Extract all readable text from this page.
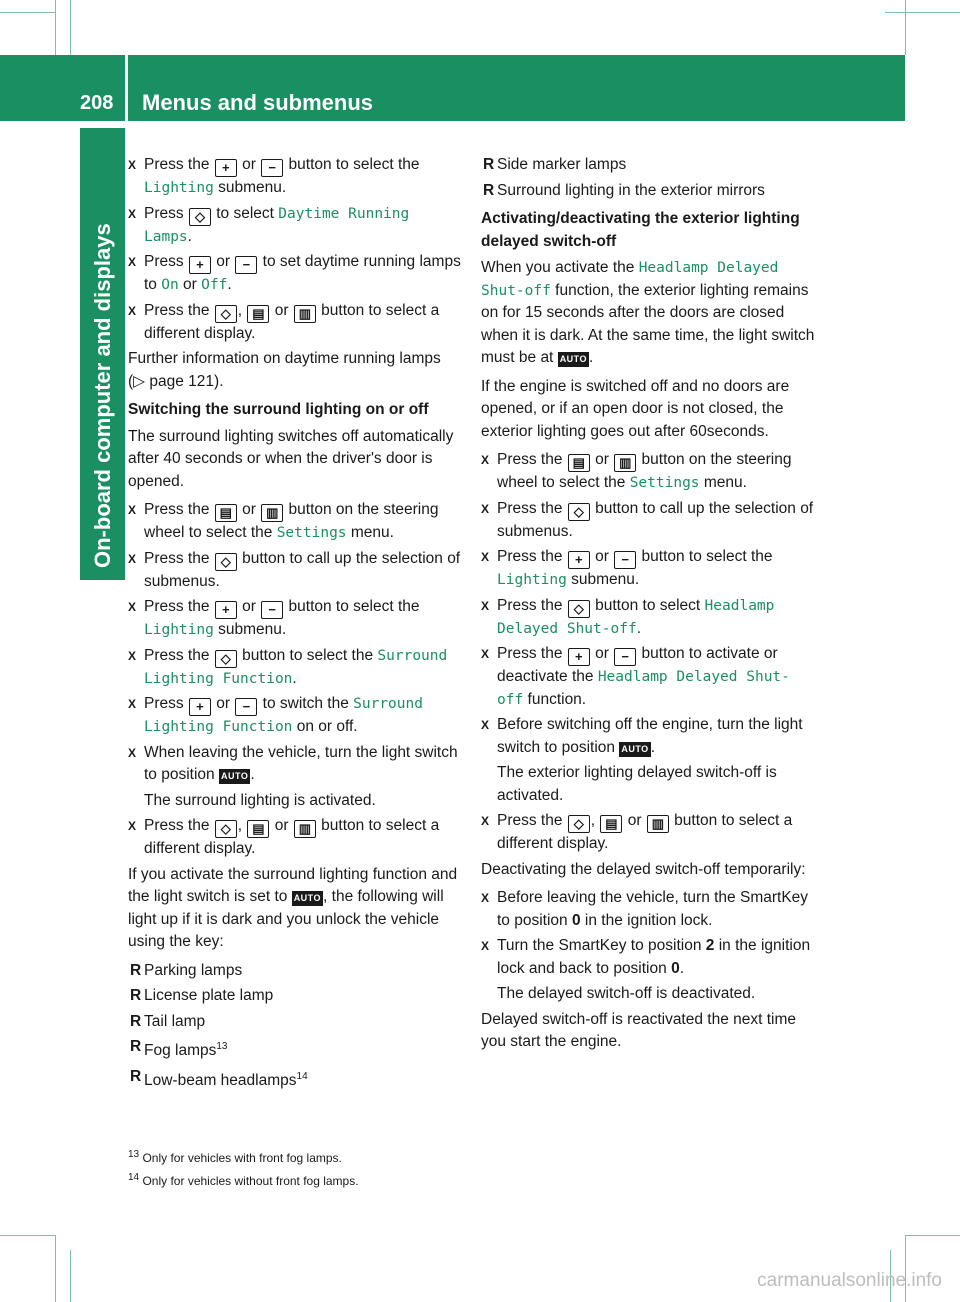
208 Menus and submenus
On-board computer and displays
X Press the + or − button to select the Lighting submenu.
X Press ◇ to select Daytime Running Lamps.
X Press + or − to set daytime running lamps to On or Off.
X Press the ◇ , ▤ or ▥ button to select a different display.
Further information on daytime running lamps (▷ page 121).
Switching the surround lighting on or off
The surround lighting switches off automatically after 40 seconds or when the driver's door is opened.
X Press the ▤ or ▥ button on the steering wheel to select the Settings menu.
X Press the ◇ button to call up the selection of submenus.
X Press the + or − button to select the Lighting submenu.
X Press the ◇ button to select the Surround Lighting Function.
X Press + or − to switch the Surround Lighting Function on or off.
X When leaving the vehicle, turn the light switch to position AUTO .
The surround lighting is activated.
X Press the ◇ , ▤ or ▥ button to select a different display.
If you activate the surround lighting function and the light switch is set to AUTO , the following will light up if it is dark and you unlock the vehicle using the key:
R Parking lamps
R License plate lamp
R Tail lamp
R Fog lamps$^{13}$
R Low-beam headlamps$^{14}$
R Side marker lamps
R Surround lighting in the exterior mirrors
Activating/deactivating the exterior lighting delayed switch-off
When you activate the Headlamp Delayed Shut-off function, the exterior lighting remains on for 15 seconds after the doors are closed when it is dark. At the same time, the light switch must be at AUTO .
If the engine is switched off and no doors are opened, or if an open door is not closed, the exterior lighting goes out after 60seconds.
X Press the ▤ or ▥ button on the steering wheel to select the Settings menu.
X Press the ◇ button to call up the selection of submenus.
X Press the + or − button to select the Lighting submenu.
X Press the ◇ button to select Headlamp Delayed Shut-off.
X Press the + or − button to activate or deactivate the Headlamp Delayed Shut-off function.
X Before switching off the engine, turn the light switch to position AUTO .
The exterior lighting delayed switch-off is activated.
X Press the ◇ , ▤ or ▥ button to select a different display.
Deactivating the delayed switch-off temporarily:
X Before leaving the vehicle, turn the SmartKey to position 0 in the ignition lock.
X Turn the SmartKey to position 2 in the ignition lock and back to position 0.
The delayed switch-off is deactivated.
Delayed switch-off is reactivated the next time you start the engine.
$^{13}$ Only for vehicles with front fog lamps.
$^{14}$ Only for vehicles without front fog lamps.
carmanualsonline.info
